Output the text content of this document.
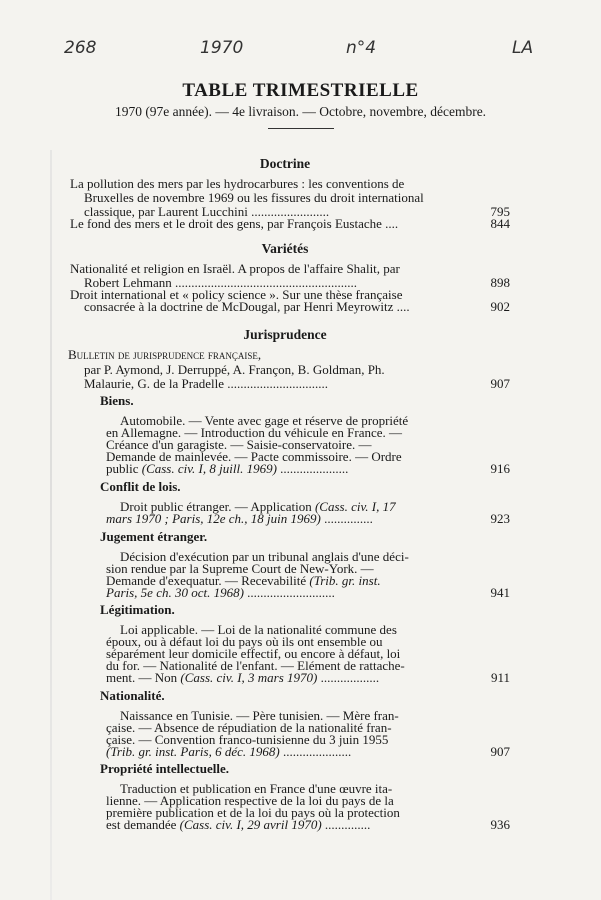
268	1970	n°4	LA
TABLE TRIMESTRIELLE
1970 (97e année). — 4e livraison. — Octobre, novembre, décembre.
Doctrine
La pollution des mers par les hydrocarbures : les conventions de
Bruxelles de novembre 1969 ou les fissures du droit international
classique, par Laurent Lucchini ........................	795
Le fond des mers et le droit des gens, par François Eustache ....	844
Variétés
Nationalité et religion en Israël. A propos de l'affaire Shalit, par
Robert Lehmann ........................................................	898
Droit international et « policy science ». Sur une thèse française
consacrée à la doctrine de McDougal, par Henri Meyrowitz ....	902
Jurisprudence
Bulletin de jurisprudence française,
par P. Aymond, J. Derruppé, A. Françon, B. Goldman, Ph.
Malaurie, G. de la Pradelle ...............................	907
Biens.
Automobile. — Vente avec gage et réserve de propriété
en Allemagne. — Introduction du véhicule en France. —
Créance d'un garagiste. — Saisie-conservatoire. —
Demande de mainlevée. — Pacte commissoire. — Ordre
public (Cass. civ. I, 8 juill. 1969) .....................	916
Conflit de lois.
Droit public étranger. — Application (Cass. civ. I, 17
mars 1970 ; Paris, 12e ch., 18 juin 1969) ...............	923
Jugement étranger.
Décision d'exécution par un tribunal anglais d'une déci-
sion rendue par la Supreme Court de New-York. —
Demande d'exequatur. — Recevabilité (Trib. gr. inst.
Paris, 5e ch. 30 oct. 1968) ...........................	941
Légitimation.
Loi applicable. — Loi de la nationalité commune des
époux, ou à défaut loi du pays où ils ont ensemble ou
séparément leur domicile effectif, ou encore à défaut, loi
du for. — Nationalité de l'enfant. — Elément de rattache-
ment. — Non (Cass. civ. I, 3 mars 1970) ..................	911
Nationalité.
Naissance en Tunisie. — Père tunisien. — Mère fran-
çaise. — Absence de répudiation de la nationalité fran-
çaise. — Convention franco-tunisienne du 3 juin 1955
(Trib. gr. inst. Paris, 6 déc. 1968) .....................	907
Propriété intellectuelle.
Traduction et publication en France d'une œuvre ita-
lienne. — Application respective de la loi du pays de la
première publication et de la loi du pays où la protection
est demandée (Cass. civ. I, 29 avril 1970) ..............	936
